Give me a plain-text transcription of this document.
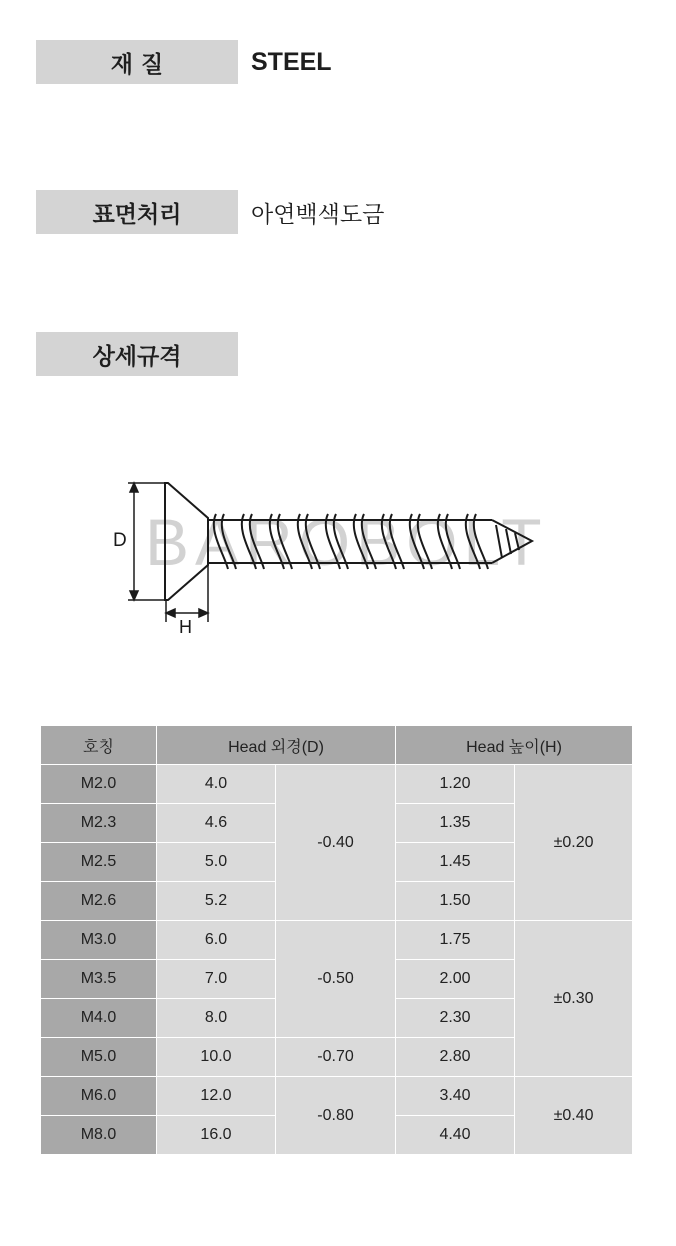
재 질	STEEL
표면처리	아연백색도금
상세규격
BAROBOLT
D
H
호칭	Head 외경(D)		Head 높이(H)	
M2.0	4.0	-0.40	1.20	±0.20
M2.3	4.6		1.35	
M2.5	5.0		1.45	
M2.6	5.2		1.50	
M3.0	6.0	-0.50	1.75	±0.30
M3.5	7.0		2.00	
M4.0	8.0		2.30	
M5.0	10.0	-0.70	2.80	
M6.0	12.0	-0.80	3.40	±0.40
M8.0	16.0		4.40	
